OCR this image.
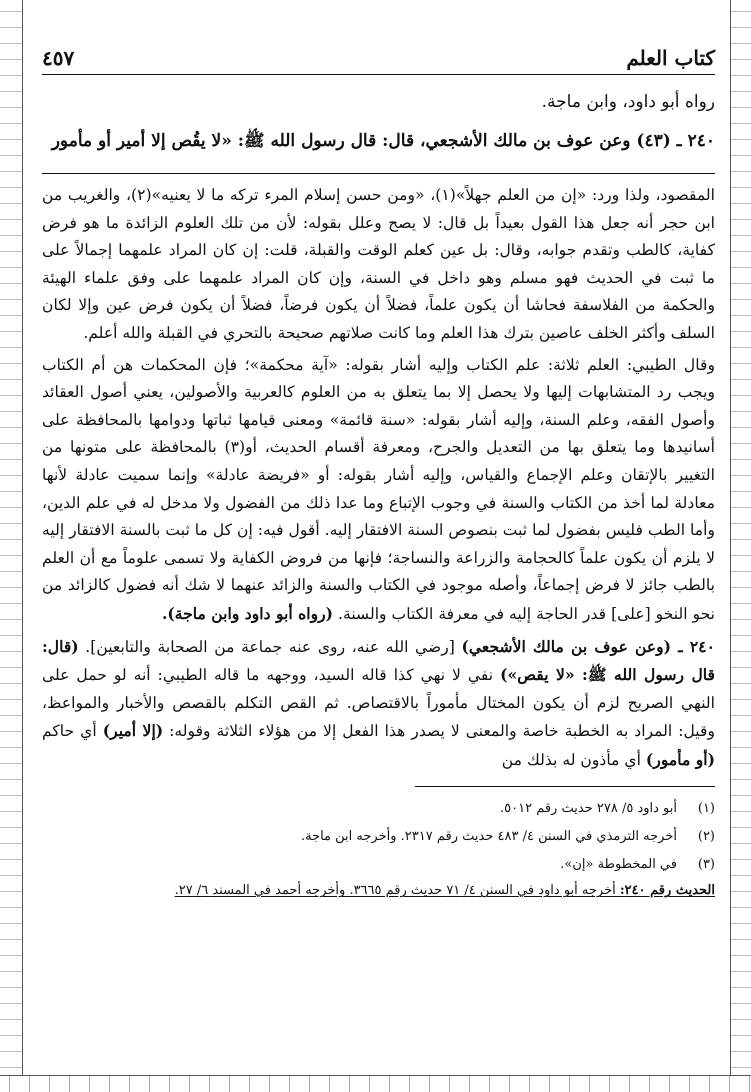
كتاب العلم
٤٥٧

رواه أبو داود، وابن ماجة.

٢٤٠ ـ (٤٣) وعن عوف بن مالك الأشجعي، قال: قال رسول الله ﷺ: «لا يقُص إلا أمير أو مأمور

المقصود، ولذا ورد: «إن من العلم جهلاً»(١)، «ومن حسن إسلام المرء تركه ما لا يعنيه»(٢)، والغريب من ابن حجر أنه جعل هذا القول بعيداً بل قال: لا يصح وعلل بقوله: لأن من تلك العلوم الزائدة ما هو فرض كفاية، كالطب وتقدم جوابه، وقال: بل عين كعلم الوقت والقبلة، قلت: إن كان المراد علمهما إجمالاً على ما ثبت في الحديث فهو مسلم وهو داخل في السنة، وإن كان المراد علمهما على وفق علماء الهيئة والحكمة من الفلاسفة فحاشا أن يكون علماً، فضلاً أن يكون فرضاً، فضلاً أن يكون فرض عين وإلا لكان السلف وأكثر الخلف عاصين بترك هذا العلم وما كانت صلاتهم صحيحة بالتحري في القبلة والله أعلم.

وقال الطيبي: العلم ثلاثة: علم الكتاب وإليه أشار بقوله: «آية محكمة»؛ فإن المحكمات هن أم الكتاب ويجب رد المتشابهات إليها ولا يحصل إلا بما يتعلق به من العلوم كالعربية والأصولين، يعني أصول العقائد وأصول الفقه، وعلم السنة، وإليه أشار بقوله: «سنة قائمة» ومعنى قيامها ثباتها ودوامها بالمحافظة على أسانيدها وما يتعلق بها من التعديل والجرح، ومعرفة أقسام الحديث، أو(٣) بالمحافظة على متونها من التغيير بالإتقان وعلم الإجماع والقياس، وإليه أشار بقوله: أو «فريضة عادلة» وإنما سميت عادلة لأنها معادلة لما أخذ من الكتاب والسنة في وجوب الإتباع وما عدا ذلك من الفضول ولا مدخل له في علم الدين، وأما الطب فليس بفضول لما ثبت بنصوص السنة الافتقار إليه. أقول فيه: إن كل ما ثبت بالسنة الافتقار إليه لا يلزم أن يكون علماً كالحجامة والزراعة والنساجة؛ فإنها من فروض الكفاية ولا تسمى علوماً مع أن العلم بالطب جائز لا فرض إجماعاً، وأصله موجود في الكتاب والسنة والزائد عنهما لا شك أنه فضول كالزائد من نحو النخو [على] قدر الحاجة إليه في معرفة الكتاب والسنة. (رواه أبو داود وابن ماجة).

٢٤٠ ـ (وعن عوف بن مالك الأشجعي) [رضي الله عنه، روى عنه جماعة من الصحابة والتابعين]. (قال: قال رسول الله ﷺ: «لا يقص») نفي لا نهي كذا قاله السيد، ووجهه ما قاله الطيبي: أنه لو حمل على النهي الصريح لزم أن يكون المختال مأموراً بالاقتصاص. ثم القص التكلم بالقصص والأخبار والمواعظ، وقيل: المراد به الخطبة خاصة والمعنى لا يصدر هذا الفعل إلا من هؤلاء الثلاثة وقوله: (إلا أمير) أي حاكم (أو مأمور) أي مأذون له بذلك من

(١)
أبو داود ٥/ ٢٧٨ حديث رقم ٥٠١٢.
(٢)
أخرجه الترمذي في السنن ٤/ ٤٨٣ حديث رقم ٢٣١٧. وأخرجه ابن ماجة.
(٣)
في المخطوطة «إن».
الحديث رقم ٢٤٠: أخرجه أبو داود في السنن ٤/ ٧١ حديث رقم ٣٦٦٥. وأخرجه أحمد في المسند ٦/ ٢٧.
